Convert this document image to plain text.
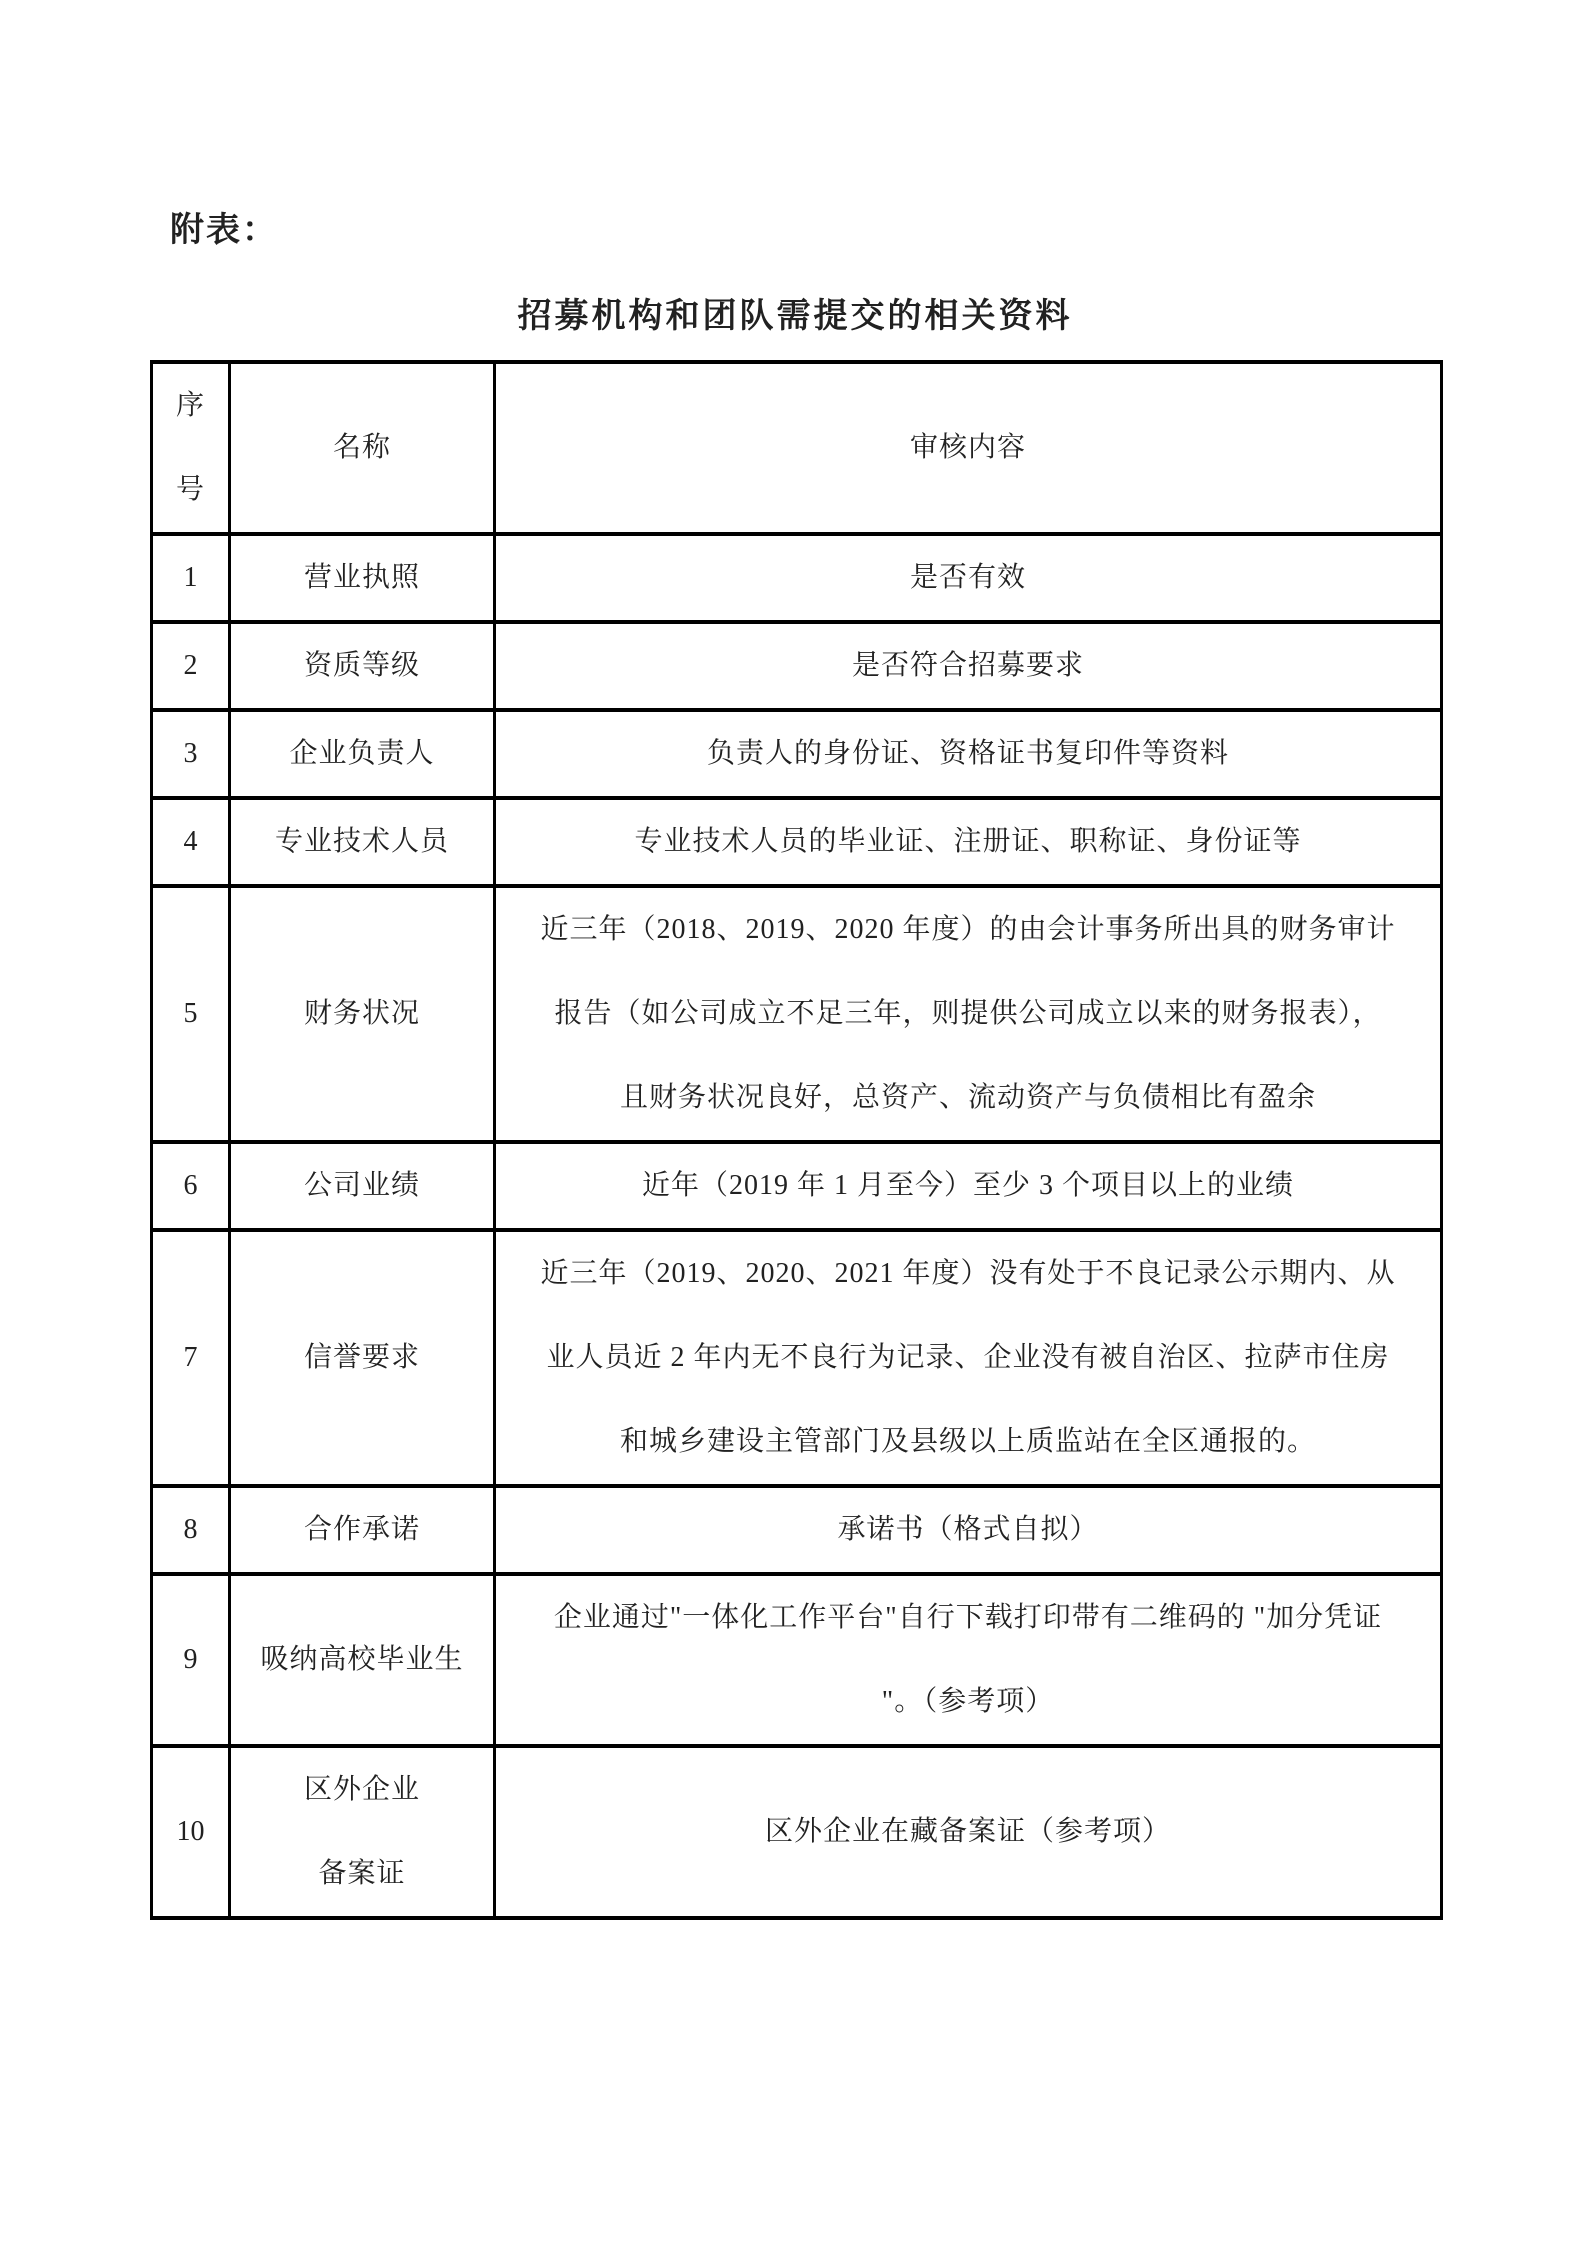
附表：
招募机构和团队需提交的相关资料
序
号	名称	审核内容

1	营业执照	是否有效

2	资质等级	是否符合招募要求

3	企业负责人	负责人的身份证、资格证书复印件等资料

4	专业技术人员	专业技术人员的毕业证、注册证、职称证、身份证等

5	财务状况	近三年（2018、2019、2020 年度）的由会计事务所出具的财务审计
报告（如公司成立不足三年，则提供公司成立以来的财务报表），
且财务状况良好，总资产、流动资产与负债相比有盈余

6	公司业绩	近年（2019 年 1 月至今）至少 3 个项目以上的业绩

7	信誉要求	近三年（2019、2020、2021 年度）没有处于不良记录公示期内、从
业人员近 2 年内无不良行为记录、企业没有被自治区、拉萨市住房
和城乡建设主管部门及县级以上质监站在全区通报的。

8	合作承诺	承诺书（格式自拟）

9	吸纳高校毕业生	企业通过"一体化工作平台"自行下载打印带有二维码的 "加分凭证
"。（参考项）

10	区外企业
备案证	区外企业在藏备案证（参考项）
